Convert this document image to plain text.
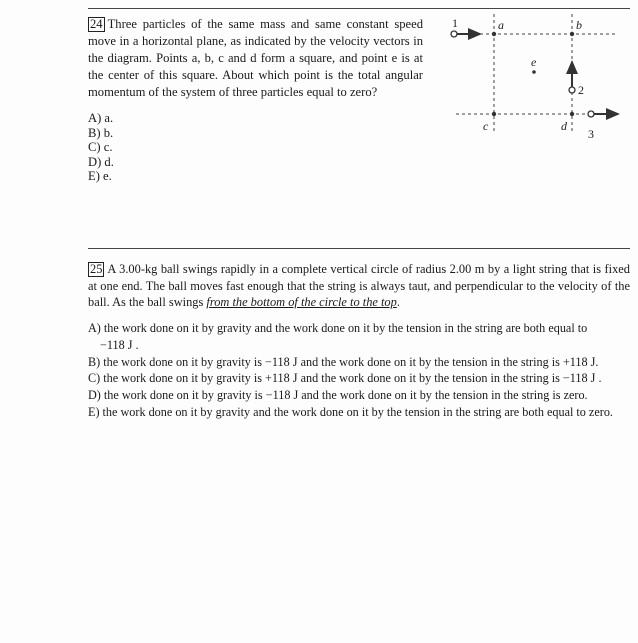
24 Three particles of the same mass and same constant speed move in a horizontal plane, as indicated by the velocity vectors in the diagram. Points a, b, c and d form a square, and point e is at the center of this square. About which point is the total angular momentum of the system of three particles equal to zero?
A) a.
B) b.
C) c.
D) d.
E) e.
1
2
3
a	b
c	d
e
25 A 3.00-kg ball swings rapidly in a complete vertical circle of radius 2.00 m by a light string that is fixed at one end. The ball moves fast enough that the string is always taut, and perpendicular to the velocity of the ball. As the ball swings from the bottom of the circle to the top.
A) the work done on it by gravity and the work done on it by the tension in the string are both equal to
−118 J .
B) the work done on it by gravity is −118 J and the work done on it by the tension in the string is +118 J.
C) the work done on it by gravity is +118 J and the work done on it by the tension in the string is −118 J .
D) the work done on it by gravity is −118 J and the work done on it by the tension in the string is zero.
E) the work done on it by gravity and the work done on it by the tension in the string are both equal to zero.
